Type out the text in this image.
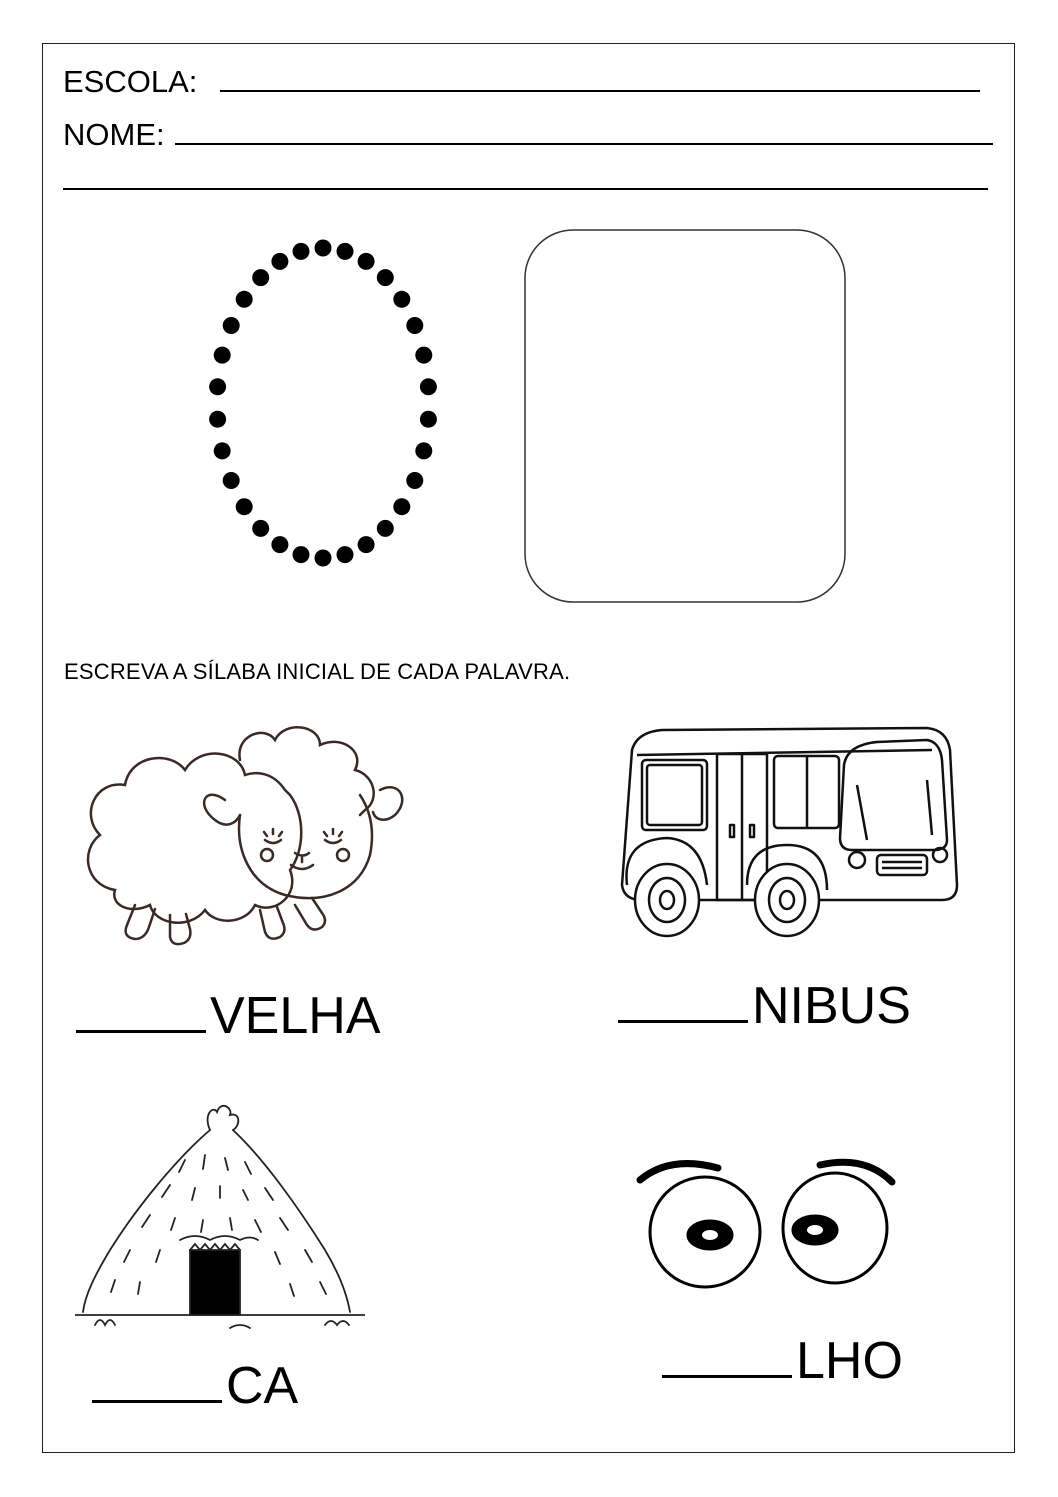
ESCOLA:
NOME:
ESCREVA A SÍLABA INICIAL DE CADA PALAVRA.
VELHA	NIBUS
CA	LHO
